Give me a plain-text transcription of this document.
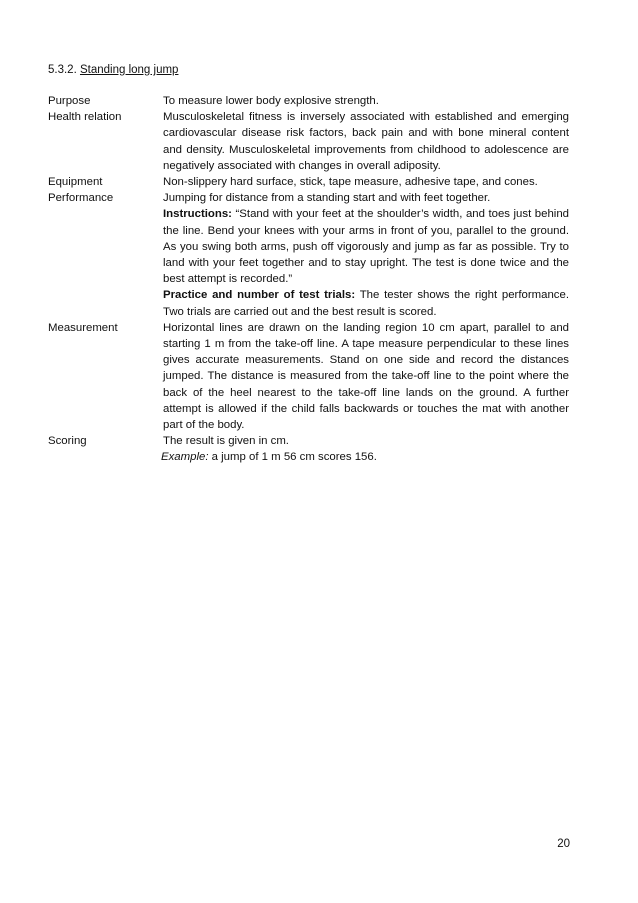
5.3.2. Standing long jump
Purpose	To measure lower body explosive strength.

Health relation	Musculoskeletal fitness is inversely associated with established and emerging cardiovascular disease risk factors, back pain and with bone mineral content and density. Musculoskeletal improvements from childhood to adolescence are negatively associated with changes in overall adiposity.

Equipment	Non-slippery hard surface, stick, tape measure, adhesive tape, and cones.

Performance	Jumping for distance from a standing start and with feet together.

Instructions: “Stand with your feet at the shoulder’s width, and toes just behind the line. Bend your knees with your arms in front of you, parallel to the ground. As you swing both arms, push off vigorously and jump as far as possible. Try to land with your feet together and to stay upright. The test is done twice and the best attempt is recorded.”

Practice and number of test trials: The tester shows the right performance. Two trials are carried out and the best result is scored.

Measurement	Horizontal lines are drawn on the landing region 10 cm apart, parallel to and starting 1 m from the take-off line. A tape measure perpendicular to these lines gives accurate measurements. Stand on one side and record the distances jumped. The distance is measured from the take-off line to the point where the back of the heel nearest to the take-off line lands on the ground. A further attempt is allowed if the child falls backwards or touches the mat with another part of the body.

Scoring	The result is given in cm.

Example: a jump of 1 m 56 cm scores 156.

20
